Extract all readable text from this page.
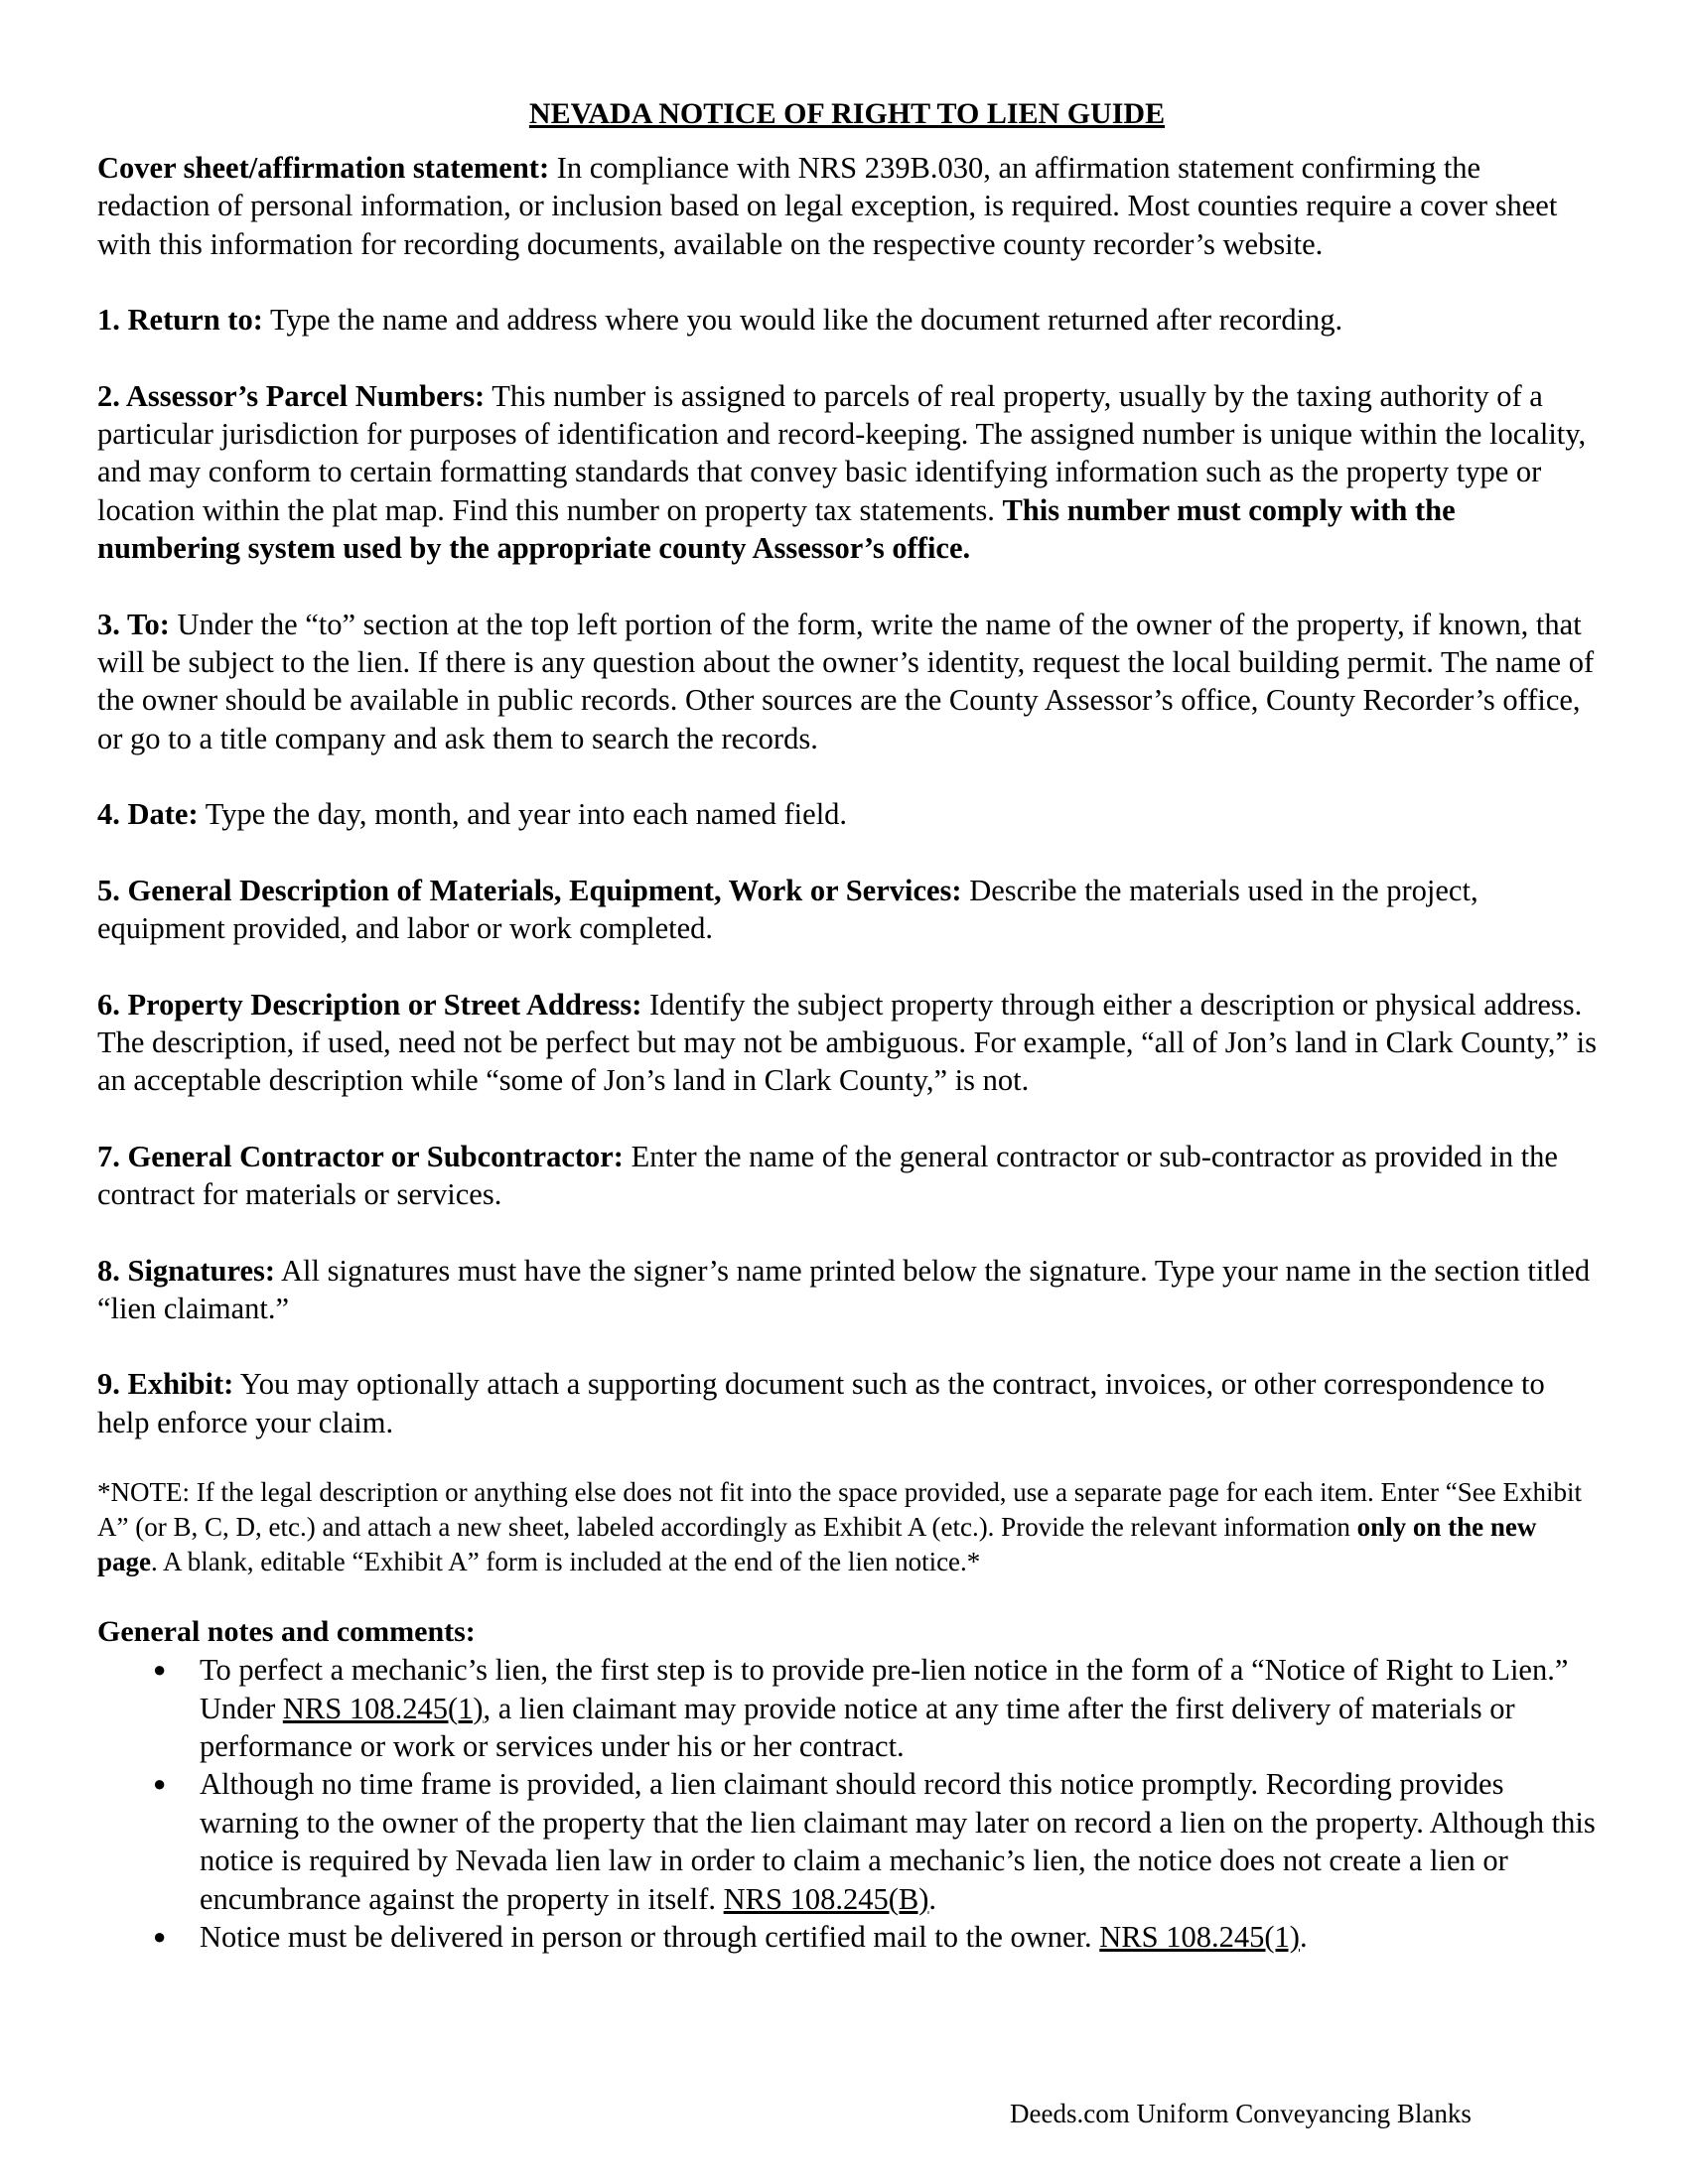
NEVADA NOTICE OF RIGHT TO LIEN GUIDE

Cover sheet/affirmation statement: In compliance with NRS 239B.030, an affirmation statement confirming the redaction of personal information, or inclusion based on legal exception, is required. Most counties require a cover sheet with this information for recording documents, available on the respective county recorder’s website.

1. Return to: Type the name and address where you would like the document returned after recording.

2. Assessor’s Parcel Numbers: This number is assigned to parcels of real property, usually by the taxing authority of a particular jurisdiction for purposes of identification and record-keeping. The assigned number is unique within the locality, and may conform to certain formatting standards that convey basic identifying information such as the property type or location within the plat map. Find this number on property tax statements. This number must comply with the numbering system used by the appropriate county Assessor’s office.

3. To: Under the “to” section at the top left portion of the form, write the name of the owner of the property, if known, that will be subject to the lien. If there is any question about the owner’s identity, request the local building permit. The name of the owner should be available in public records. Other sources are the County Assessor’s office, County Recorder’s office, or go to a title company and ask them to search the records.

4. Date: Type the day, month, and year into each named field.

5. General Description of Materials, Equipment, Work or Services: Describe the materials used in the project, equipment provided, and labor or work completed.

6. Property Description or Street Address: Identify the subject property through either a description or physical address. The description, if used, need not be perfect but may not be ambiguous. For example, “all of Jon’s land in Clark County,” is an acceptable description while “some of Jon’s land in Clark County,” is not.

7. General Contractor or Subcontractor: Enter the name of the general contractor or sub-contractor as provided in the contract for materials or services.

8. Signatures: All signatures must have the signer’s name printed below the signature. Type your name in the section titled “lien claimant.”

9. Exhibit: You may optionally attach a supporting document such as the contract, invoices, or other correspondence to help enforce your claim.

*NOTE: If the legal description or anything else does not fit into the space provided, use a separate page for each item. Enter “See Exhibit A” (or B, C, D, etc.) and attach a new sheet, labeled accordingly as Exhibit A (etc.). Provide the relevant information only on the new page. A blank, editable “Exhibit A” form is included at the end of the lien notice.*

General notes and comments:
● To perfect a mechanic’s lien, the first step is to provide pre-lien notice in the form of a “Notice of Right to Lien.” Under NRS 108.245(1), a lien claimant may provide notice at any time after the first delivery of materials or performance or work or services under his or her contract.
● Although no time frame is provided, a lien claimant should record this notice promptly. Recording provides warning to the owner of the property that the lien claimant may later on record a lien on the property. Although this notice is required by Nevada lien law in order to claim a mechanic’s lien, the notice does not create a lien or encumbrance against the property in itself. NRS 108.245(B).
● Notice must be delivered in person or through certified mail to the owner. NRS 108.245(1).
Deeds.com Uniform Conveyancing Blanks
